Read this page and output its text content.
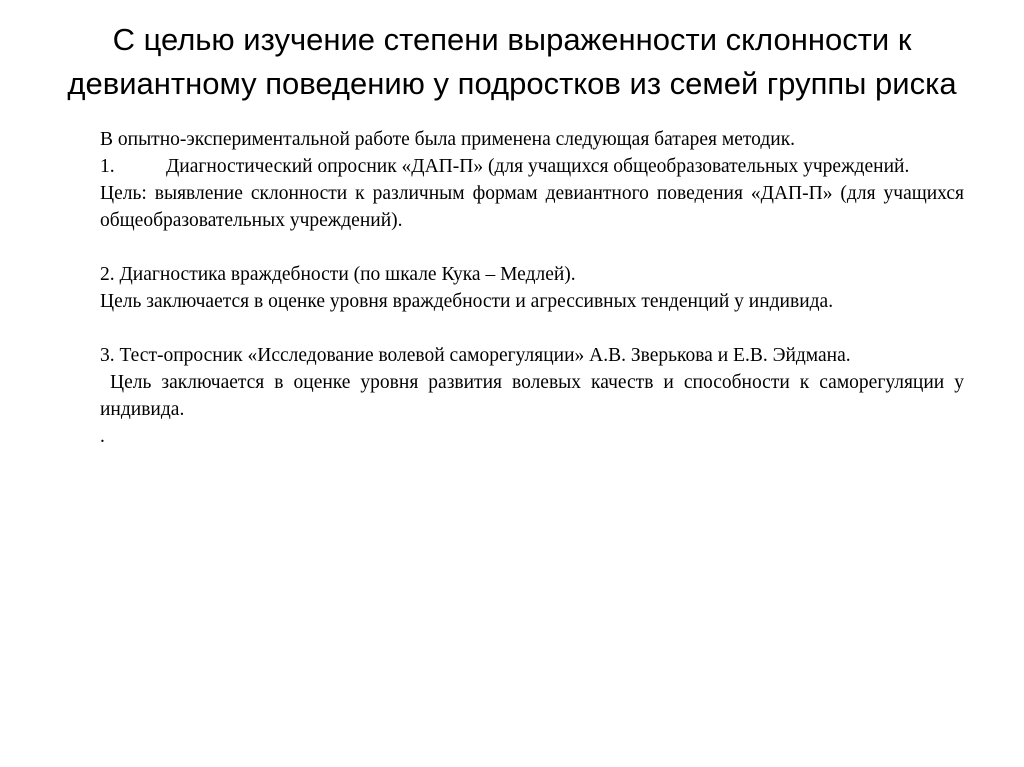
С целью изучение степени выраженности склонности к
девиантному поведению у подростков из семей группы риска

В опытно-экспериментальной работе была применена следующая батарея методик.

1.	Диагностический опросник «ДАП-П» (для учащихся общеобразовательных учреждений.

Цель: выявление склонности к различным формам девиантного поведения «ДАП-П» (для учащихся общеобразовательных учреждений).

2. Диагностика враждебности (по шкале Кука – Медлей).

Цель заключается в оценке уровня враждебности и агрессивных тенденций у индивида.

3. Тест-опросник «Исследование волевой саморегуляции» А.В. Зверькова и Е.В. Эйдмана.

Цель заключается в оценке уровня развития волевых качеств и способности к саморегуляции у индивида.

.
